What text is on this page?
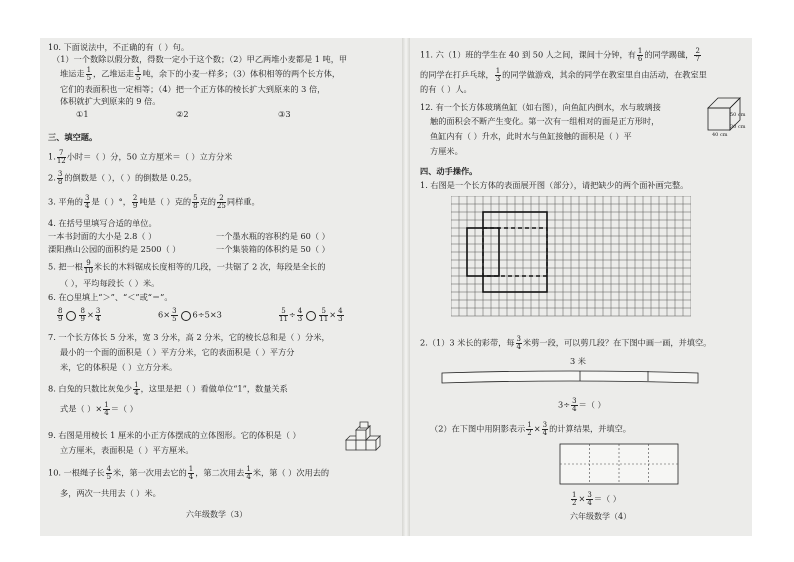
10. 下面说法中，不正确的有（ ）句。
（1）一个数除以假分数，得数一定小于这个数；（2）甲乙两堆小麦都是 1 吨，甲
堆运走 $\frac{1}{5}$ ，乙堆运走 $\frac{1}{5}$ 吨，余下的小麦一样多；（3）体积相等的两个长方体，
它们的表面积也一定相等；（4）把一个正方体的棱长扩大到原来的 3 倍，
体积就扩大到原来的 9 倍。
①1	②2	③3
三、填空题。
1. $\frac{7}{12}$ 小时＝（ ）分，50 立方厘米＝（ ）立方分米
2. $\frac{3}{8}$ 的倒数是（ ），（ ）的倒数是 0.25。
3. 平角的 $\frac{3}{4}$ 是（ ）°， $\frac{2}{9}$ 吨是（ ）克的 $\frac{5}{8}$ 克的 $\frac{2}{25}$ 同样重。
4. 在括号里填写合适的单位。
一本书封面的大小是 2.8（ ）	一个墨水瓶的容积约是 60（ ）
溧阳燕山公园的面积约是 2500（ ）	一个集装箱的体积约是 50（ ）
5. 把一根 $\frac{9}{10}$ 米长的木料锯成长度相等的几段，一共锯了 2 次，每段是全长的
（ ），平均每段长（ ）米。
6. 在○里填上“＞”、“＜”或“＝”。
$\frac{8}{9} \frac{8}{9} \times \frac{3}{4}$	$6\times \frac{3}{5} 6\div 5\times 3$	$\frac{5}{11} \div \frac{4}{3} \frac{5}{11} \times \frac{4}{3}$
7. 一个长方体长 5 分米，宽 3 分米，高 2 分米，它的棱长总和是（ ）分米，
最小的一个面的面积是（ ）平方分米，它的表面积是（ ）平方分
米，它的体积是（ ）立方分米。
8. 白兔的只数比灰兔少 $\frac{1}{4}$ ，这里是把（ ）看做单位“1”，数量关系
式是（ ）× $\frac{1}{4}$ ＝（ ）
9. 右图是用棱长 1 厘米的小正方体摆成的立体图形。它的体积是（ ）
立方厘米，表面积是（ ）平方厘米。
10. 一根绳子长 $\frac{4}{5}$ 米，第一次用去它的 $\frac{1}{4}$ ，第二次用去 $\frac{1}{4}$ 米，第（ ）次用去的
多，两次一共用去（ ）米。
六年级数学（3）
11. 六（1）班的学生在 40 到 50 人之间，课间十分钟，有 $\frac{1}{6}$ 的同学踢毽， $\frac{2}{7}$
的同学在打乒乓球， $\frac{1}{3}$ 的同学做游戏，其余的同学在教室里自由活动，在教室里
的有（ ）人。
12. 有一个长方体玻璃鱼缸（如右图），向鱼缸内倒水，水与玻璃接
触的面积会不断产生变化。第一次有一组相对的面是正方形时，
鱼缸内有（ ）升水，此时水与鱼缸接触的面积是（ ）平
方厘米。
50 cm
40 cm
30 cm
四、动手操作。
1. 右图是一个长方体的表面展开图（部分），请把缺少的两个面补画完整。
2.（1）3 米长的彩带，每 $\frac{3}{4}$ 米剪一段，可以剪几段？在下图中画一画，并填空。
3 米
$3\div \frac{3}{4}$ ＝（ ）
（2）在下图中用阴影表示 $\frac{1}{2} \times \frac{3}{4}$ 的计算结果，并填空。
$\frac{1}{2} \times \frac{3}{4}$ ＝（ ）
六年级数学（4）
